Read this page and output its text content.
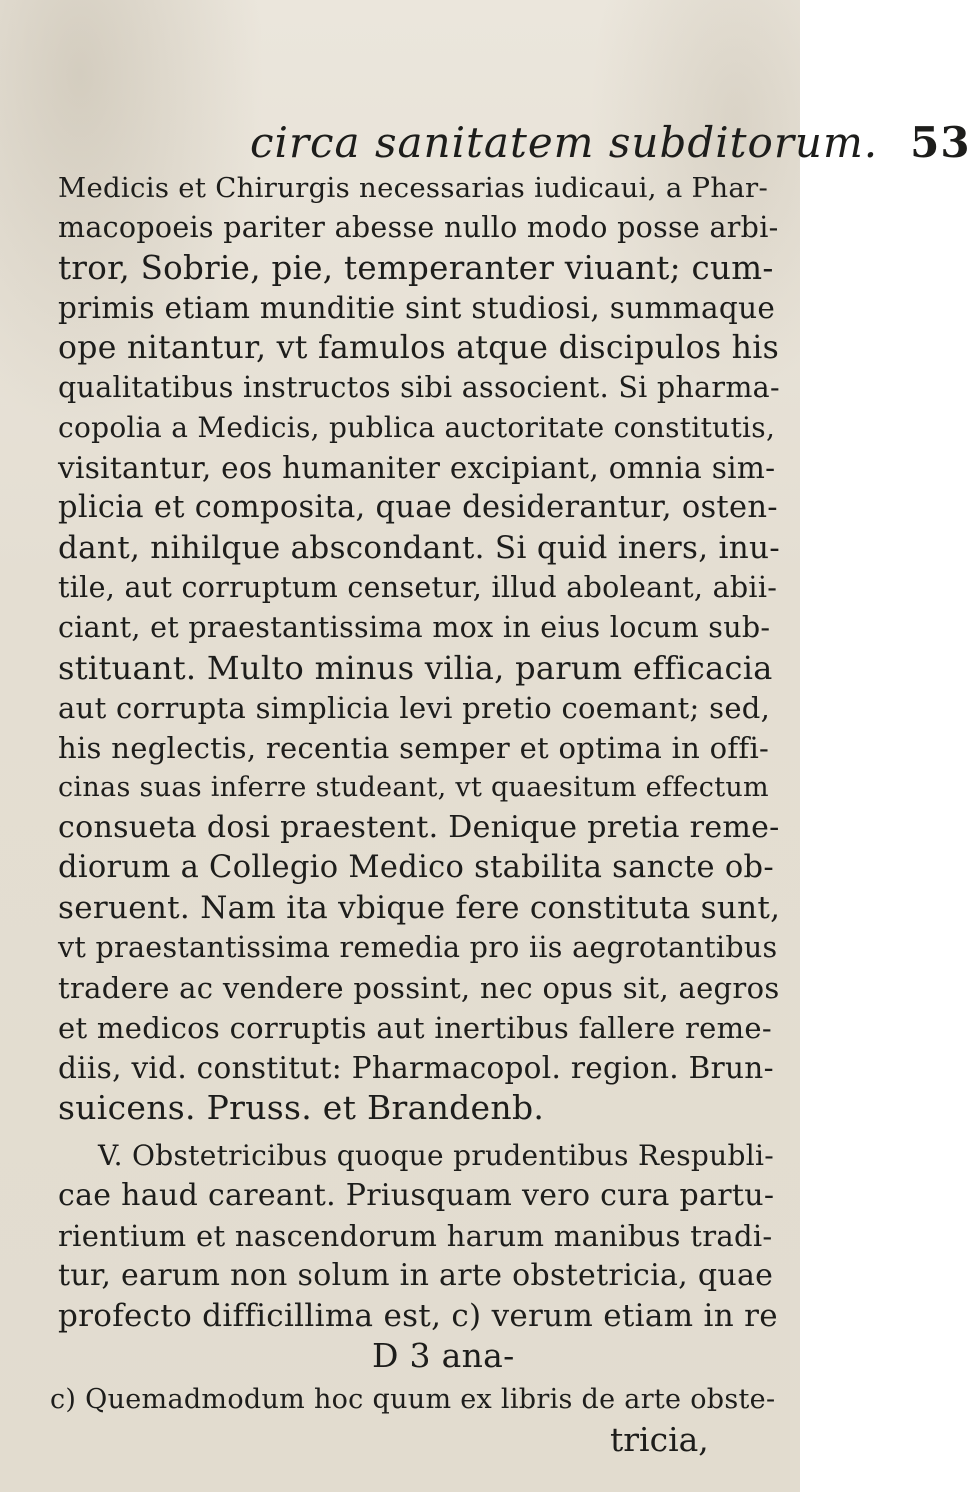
circa sanitatem subditorum. 53
Medicis et Chirurgis necessarias iudicaui, a Phar-
macopoeis pariter abesse nullo modo posse arbi-
tror, Sobrie, pie, temperanter viuant; cum-
primis etiam munditie sint studiosi, summaque
ope nitantur, vt famulos atque discipulos his
qualitatibus instructos sibi associent. Si pharma-
copolia a Medicis, publica auctoritate constitutis,
visitantur, eos humaniter excipiant, omnia sim-
plicia et composita, quae desiderantur, osten-
dant, nihilque abscondant. Si quid iners, inu-
tile, aut corruptum censetur, illud aboleant, abii-
ciant, et praestantissima mox in eius locum sub-
stituant. Multo minus vilia, parum efficacia
aut corrupta simplicia levi pretio coemant; sed,
his neglectis, recentia semper et optima in offi-
cinas suas inferre studeant, vt quaesitum effectum
consueta dosi praestent. Denique pretia reme-
diorum a Collegio Medico stabilita sancte ob-
seruent. Nam ita vbique fere constituta sunt,
vt praestantissima remedia pro iis aegrotantibus
tradere ac vendere possint, nec opus sit, aegros
et medicos corruptis aut inertibus fallere reme-
diis, vid. constitut: Pharmacopol. region. Brun-
suicens. Pruss. et Brandenb.
V. Obstetricibus quoque prudentibus Respubli-
cae haud careant. Priusquam vero cura partu-
rientium et nascendorum harum manibus tradi-
tur, earum non solum in arte obstetricia, quae
profecto difficillima est, c) verum etiam in re
D 3 ana-
c) Quemadmodum hoc quum ex libris de arte obste-
tricia,
